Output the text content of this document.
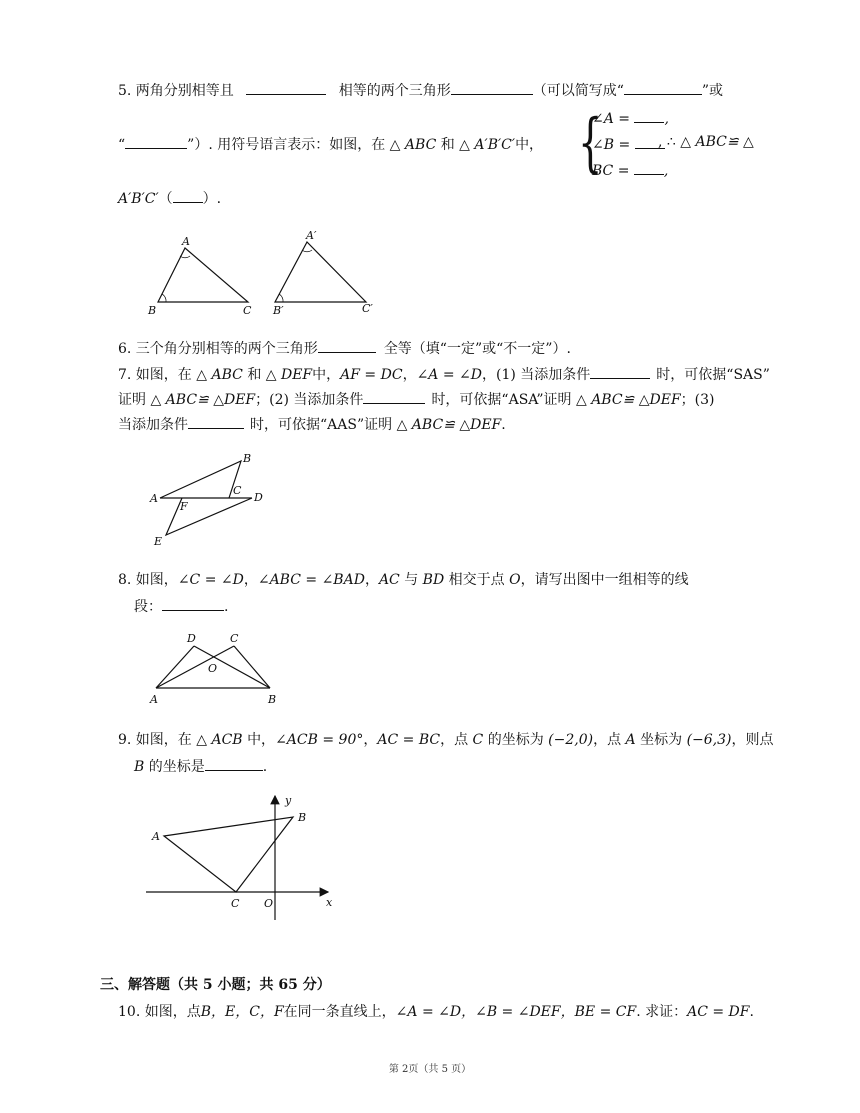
5. 两角分别相等且	相等的两个三角形	（可以简写成“	”或
“	”）. 用符号语言表示：如图，在 △ ABC 和 △ A′B′C′中， {
∠A = ,
∠B =	, ∴ △ ABC≌ △
BC = ,
A′B′C′（ ）.
A
B	C
A′
B′	C′
6. 三个角分别相等的两个三角形	全等（填“一定”或“不一定”）.
7. 如图，在 △ ABC 和 △ DEF中，AF = DC，∠A = ∠D，(1) 当添加条件	时，可依据“SAS”
证明 △ ABC≌ △DEF；(2) 当添加条件	时，可依据“ASA”证明 △ ABC≌ △DEF；(3)
当添加条件	时，可依据“AAS”证明 △ ABC≌ △DEF.
B
A
C
D
F
E
8. 如图，∠C = ∠D，∠ABC = ∠BAD，AC 与 BD 相交于点 O，请写出图中一组相等的线
段：	.
D	C
O
A	B
9. 如图，在 △ ACB 中，∠ACB = 90°，AC = BC，点 C 的坐标为 (−2,0)，点 A 坐标为 (−6,3)，则点
B 的坐标是	.
y
x
A
B
C O
三、解答题（共 5 小题；共 65 分）
10. 如图，点B，E，C，F在同一条直线上，∠A = ∠D，∠B = ∠DEF，BE = CF. 求证：AC = DF.
第 2页（共 5 页）
